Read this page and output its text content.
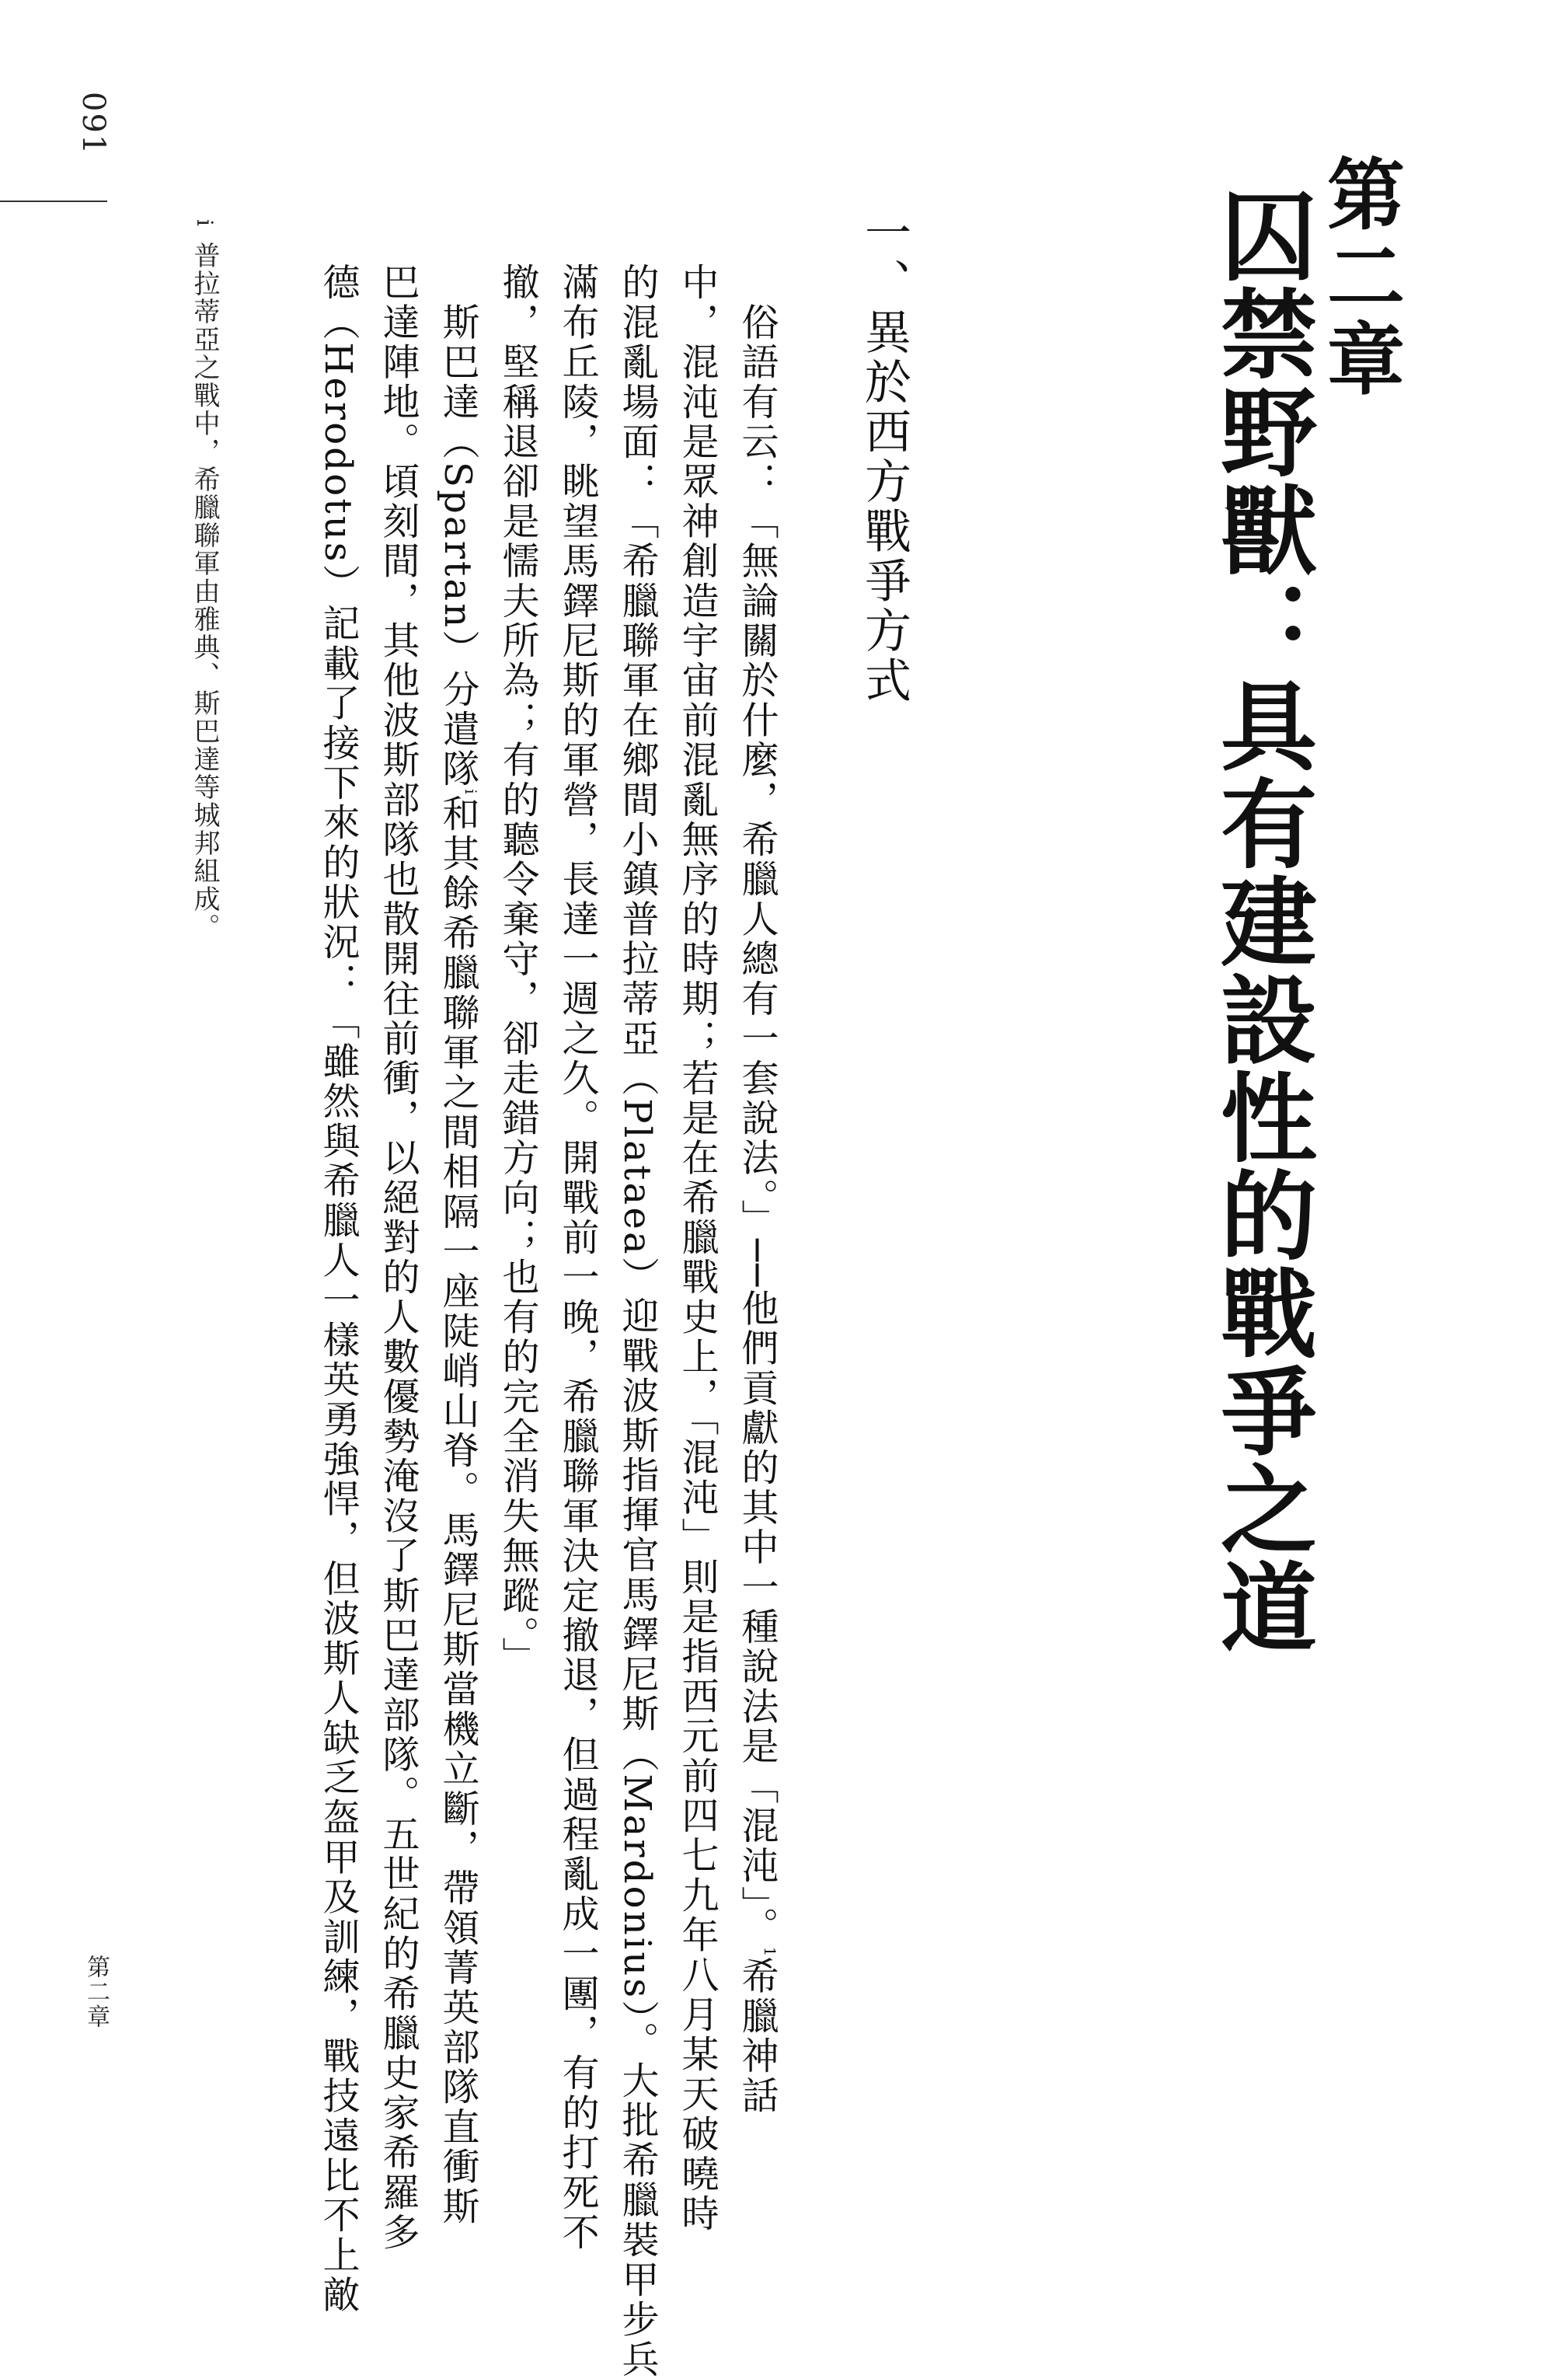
091
第二章
囚禁野獸：具有建設性的戰爭之道
一、異於西方戰爭方式
　俗語有云：「無論關於什麼，希臘人總有一套說法。」──他們貢獻的其中一種說法是「混沌」。$^1$希臘神話
中，混沌是眾神創造宇宙前混亂無序的時期；若是在希臘戰史上，「混沌」則是指西元前四七九年八月某天破曉時
的混亂場面：「希臘聯軍在鄉間小鎮普拉蒂亞（Plataea）迎戰波斯指揮官馬鐸尼斯（Mardonius）。大批希臘裝甲步兵
滿布丘陵，眺望馬鐸尼斯的軍營，長達一週之久。開戰前一晚，希臘聯軍決定撤退，但過程亂成一團，有的打死不
撤，堅稱退卻是懦夫所為；有的聽令棄守，卻走錯方向；也有的完全消失無蹤。」
　斯巴達（Spartan）分遣隊$^i$和其餘希臘聯軍之間相隔一座陡峭山脊。馬鐸尼斯當機立斷，帶領菁英部隊直衝斯
巴達陣地。頃刻間，其他波斯部隊也散開往前衝，以絕對的人數優勢淹沒了斯巴達部隊。五世紀的希臘史家希羅多
德（Herodotus）記載了接下來的狀況：「雖然與希臘人一樣英勇強悍，但波斯人缺乏盔甲及訓練，戰技遠比不上敵
i普拉蒂亞之戰中，希臘聯軍由雅典、斯巴達等城邦組成。
第二章
